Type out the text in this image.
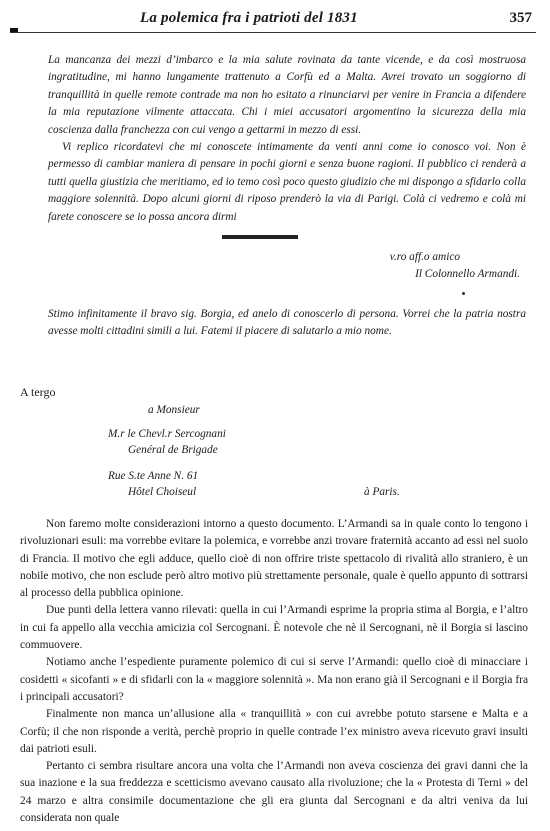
La polemica fra i patrioti del 1831	357

La mancanza dei mezzi d’imbarco e la mia salute rovinata da tante vicende, e da così mostruosa ingratitudine, mi hanno lungamente trattenuto a Corfù ed a Malta. Avrei trovato un soggiorno di tranquillità in quelle remote contrade ma non ho esitato a rinunciarvi per venire in Francia a difendere la mia reputazione vilmente attaccata. Chi i miei accusatori argomentino la sicurezza della mia coscienza dalla franchezza con cui vengo a gettarmi in mezzo di essi.

Vi replico ricordatevi che mi conoscete intimamente da venti anni come io conosco voi. Non è permesso di cambiar maniera di pensare in pochi giorni e senza buone ragioni. Il pubblico ci renderà a tutti quella giustizia che meritiamo, ed io temo così poco questo giudizio che mi dispongo a sfidarlo colla maggiore solennità. Dopo alcuni giorni di riposo prenderò la via di Parigi. Colà ci vedremo e colà mi farete conoscere se io possa ancora dirmi

v.ro aff.o amico
Il Colonnello Armandi.
Stimo infinitamente il bravo sig. Borgia, ed anelo di conoscerlo di persona. Vorrei che la patria nostra avesse molti cittadini simili a lui. Fatemi il piacere di salutarlo a mio nome.
A tergo
a Monsieur
M.r le Chevl.r Sercognani
Genéral de Brigade
Rue S.te Anne N. 61
Hôtel Choiseul	à Paris.

Non faremo molte considerazioni intorno a questo documento. L’Armandi sa in quale conto lo tengono i rivoluzionari esuli: ma vorrebbe evitare la polemica, e vorrebbe anzi trovare fraternità accanto ad essi nel suolo di Francia. Il motivo che egli adduce, quello cioè di non offrire triste spettacolo di rivalità allo straniero, è un nobile motivo, che non esclude però altro motivo più strettamente personale, quale è quello appunto di sottrarsi al processo della pubblica opinione.

Due punti della lettera vanno rilevati: quella in cui l’Armandi esprime la propria stima al Borgia, e l’altro in cui fa appello alla vecchia amicizia col Sercognani. È notevole che nè il Sercognani, nè il Borgia si lascino commuovere.

Notiamo anche l’espediente puramente polemico di cui si serve l’Armandi: quello cioè di minacciare i cosidetti « sicofanti » e di sfidarli con la « maggiore solennità ». Ma non erano già il Sercognani e il Borgia fra i principali accusatori?

Finalmente non manca un’allusione alla « tranquillità » con cui avrebbe potuto starsene e Malta e a Corfù; il che non risponde a verità, perchè proprio in quelle contrade l’ex ministro aveva ricevuto gravi insulti dai patrioti esuli.

Pertanto ci sembra risultare ancora una volta che l’Armandi non aveva coscienza dei gravi danni che la sua inazione e la sua freddezza e scetticismo avevano causato alla rivoluzione; che la « Protesta di Terni » del 24 marzo e altra consimile documentazione che gli era giunta dal Sercognani e da altri veniva da lui considerata non quale
